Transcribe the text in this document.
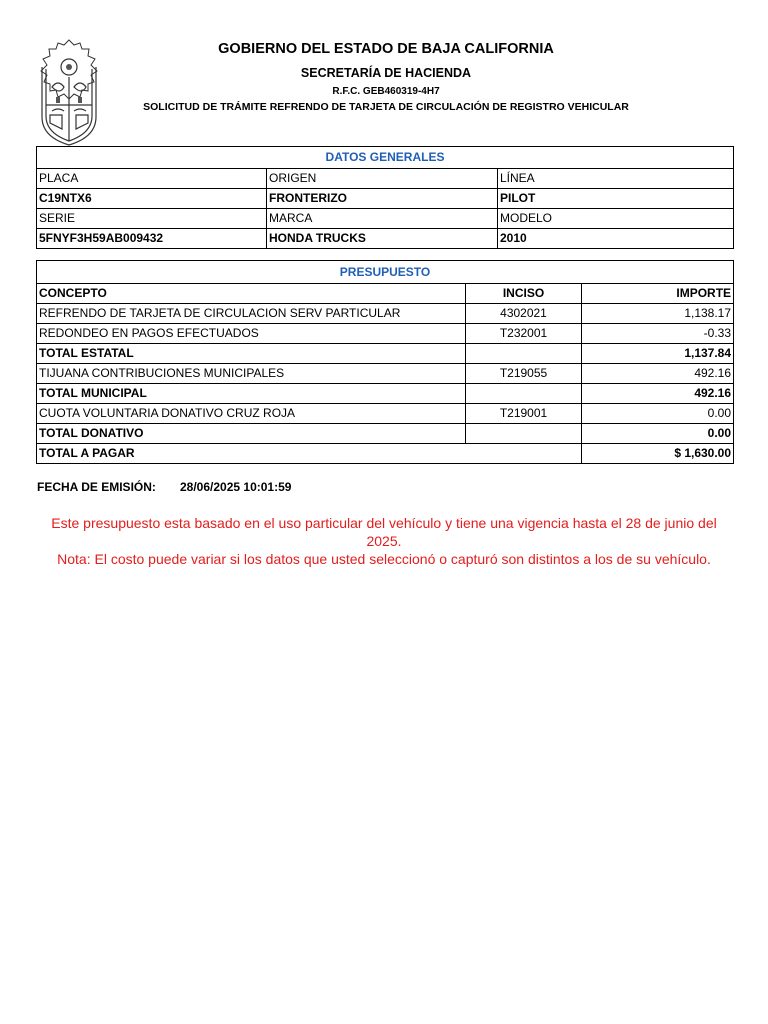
GOBIERNO DEL ESTADO DE BAJA CALIFORNIA
SECRETARÍA DE HACIENDA
R.F.C. GEB460319-4H7
SOLICITUD DE TRÁMITE REFRENDO DE TARJETA DE CIRCULACIÓN DE REGISTRO VEHICULAR
DATOS GENERALES		
PLACA	ORIGEN	LÍNEA
C19NTX6	FRONTERIZO	PILOT
SERIE	MARCA	MODELO
5FNYF3H59AB009432	HONDA TRUCKS	2010
PRESUPUESTO		
CONCEPTO	INCISO	IMPORTE
REFRENDO DE TARJETA DE CIRCULACION SERV PARTICULAR	4302021	1,138.17
REDONDEO EN PAGOS EFECTUADOS	T232001	-0.33
TOTAL ESTATAL		1,137.84
TIJUANA CONTRIBUCIONES MUNICIPALES	T219055	492.16
TOTAL MUNICIPAL		492.16
CUOTA VOLUNTARIA DONATIVO CRUZ ROJA	T219001	0.00
TOTAL DONATIVO		0.00
TOTAL A PAGAR		$ 1,630.00
FECHA DE EMISIÓN: 28/06/2025 10:01:59
Este presupuesto esta basado en el uso particular del vehículo y tiene una vigencia hasta el 28 de junio del 2025.
Nota: El costo puede variar si los datos que usted seleccionó o capturó son distintos a los de su vehículo.
